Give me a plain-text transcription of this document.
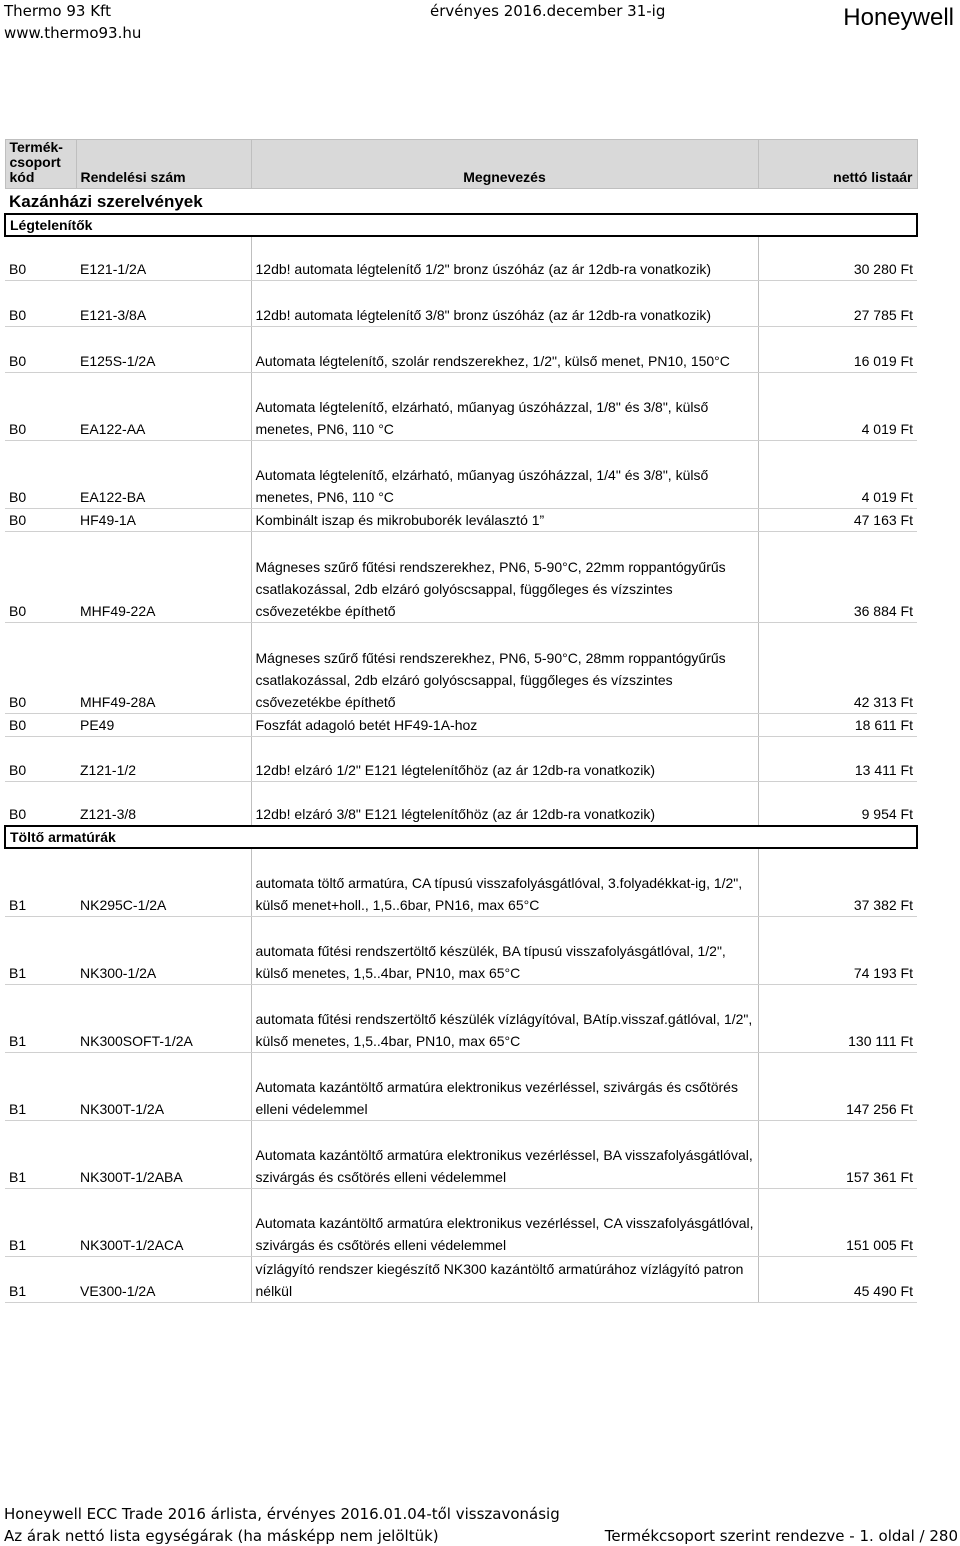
Thermo 93 Kft
www.thermo93.hu
érvényes 2016.december 31-ig	Honeywell
Termék-
csoport
kód	Rendelési szám	Megnevezés	nettó listaár
Kazánházi szerelvények			
Légtelenítők			
B0	E121-1/2A	12db! automata légtelenítő 1/2" bronz úszóház (az ár 12db-ra vonatkozik)	30 280 Ft
B0	E121-3/8A	12db! automata légtelenítő 3/8" bronz úszóház (az ár 12db-ra vonatkozik)	27 785 Ft
B0	E125S-1/2A	Automata légtelenítő, szolár rendszerekhez, 1/2", külső menet, PN10, 150°C	16 019 Ft
B0	EA122-AA	Automata légtelenítő, elzárható, műanyag úszóházzal, 1/8" és 3/8", külső menetes, PN6, 110 °C	4 019 Ft
B0	EA122-BA	Automata légtelenítő, elzárható, műanyag úszóházzal, 1/4" és 3/8", külső menetes, PN6, 110 °C	4 019 Ft
B0	HF49-1A	Kombinált iszap és mikrobuborék leválasztó 1”	47 163 Ft
B0	MHF49-22A	Mágneses szűrő fűtési rendszerekhez, PN6, 5-90°C, 22mm roppantógyűrűs csatlakozással, 2db elzáró golyóscsappal, függőleges és vízszintes csővezetékbe építhető	36 884 Ft
B0	MHF49-28A	Mágneses szűrő fűtési rendszerekhez, PN6, 5-90°C, 28mm roppantógyűrűs csatlakozással, 2db elzáró golyóscsappal, függőleges és vízszintes csővezetékbe építhető	42 313 Ft
B0	PE49	Foszfát adagoló betét HF49-1A-hoz	18 611 Ft
B0	Z121-1/2	12db! elzáró 1/2" E121 légtelenítőhöz (az ár 12db-ra vonatkozik)	13 411 Ft
B0	Z121-3/8	12db! elzáró 3/8" E121 légtelenítőhöz (az ár 12db-ra vonatkozik)	9 954 Ft
Töltő armatúrák			
B1	NK295C-1/2A	automata töltő armatúra, CA típusú visszafolyásgátlóval, 3.folyadékkat-ig, 1/2", külső menet+holl., 1,5..6bar, PN16, max 65°C	37 382 Ft
B1	NK300-1/2A	automata fűtési rendszertöltő készülék, BA típusú visszafolyásgátlóval, 1/2", külső menetes, 1,5..4bar, PN10, max 65°C	74 193 Ft
B1	NK300SOFT-1/2A	automata fűtési rendszertöltő készülék vízlágyítóval, BAtíp.visszaf.gátlóval, 1/2", külső menetes, 1,5..4bar, PN10, max 65°C	130 111 Ft
B1	NK300T-1/2A	Automata kazántöltő armatúra elektronikus vezérléssel, szivárgás és csőtörés elleni védelemmel	147 256 Ft
B1	NK300T-1/2ABA	Automata kazántöltő armatúra elektronikus vezérléssel, BA visszafolyásgátlóval, szivárgás és csőtörés elleni védelemmel	157 361 Ft
B1	NK300T-1/2ACA	Automata kazántöltő armatúra elektronikus vezérléssel, CA visszafolyásgátlóval, szivárgás és csőtörés elleni védelemmel	151 005 Ft
B1	VE300-1/2A	vízlágyító rendszer kiegészítő NK300 kazántöltő armatúrához vízlágyító patron nélkül	45 490 Ft
Honeywell ECC Trade 2016 árlista, érvényes 2016.01.04-től visszavonásig
Az árak nettó lista egységárak (ha másképp nem jelöltük)	Termékcsoport szerint rendezve - 1. oldal / 280
